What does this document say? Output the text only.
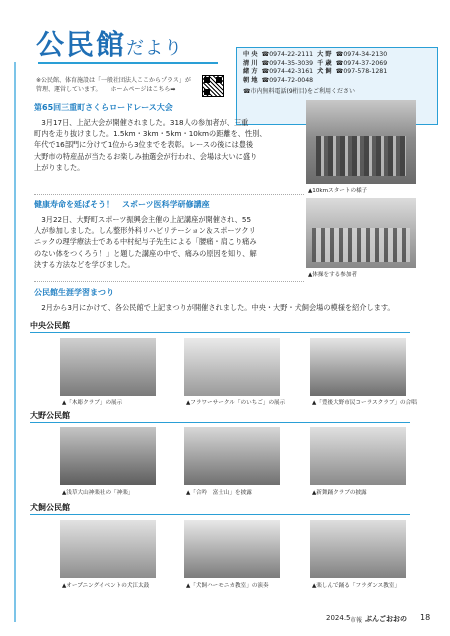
公民館だより
※公民館、体育施設は「一般社団法人ここからプラス」が
管理、運営しています。　　ホームページはこちら➡
中 央	☎0974-22-2111	大 野	☎0974-34-2130
清 川	☎0974-35-3039	千 歳	☎0974-37-2069
緒 方	☎0974-42-3161	犬 飼	☎097-578-1281
朝 地	☎0974-72-0048		
☎市内無料電話(9桁目)をご利用ください
第65回三重町さくらロードレース大会
　3月17日、上記大会が開催されました。318人の参加者が、三重
町内を走り抜けました。1.5km・3km・5km・10kmの距離を、性別、
年代で16部門に分けて1位から3位までを表彰。レースの後には豊後
大野市の特産品が当たるお楽しみ抽選会が行われ、会場は大いに盛り
上がりました。
▲10kmスタートの様子
健康寿命を延ばそう！　スポーツ医科学研修講座
　3月22日、大野町スポーツ振興会主催の上記講座が開催され、55
人が参加しました。しん整形外科リハビリテーション＆スポーツクリ
ニックの理学療法士である中村紀与子先生による「腰痛・肩こり痛み
のない体をつくろう！」と題した講座の中で、痛みの原因を知り、解
決する方法などを学びました。
▲体操をする参加者
公民館生涯学習まつり
　2月から3月にかけて、各公民館で上記まつりが開催されました。中央・大野・犬飼会場の模様を紹介します。
中央公民館
▲「木彫クラブ」の展示	▲フラワーサークル「のいちご」の展示	▲「豊後大野市民コーラスクラブ」の合唱
大野公民館
▲浅草大山神楽社の「神楽」	▲「合吟　富士山」を披露	▲新舞踊クラブの披露
犬飼公民館
▲オープニングイベントの犬江太鼓	▲「犬飼ハーモニカ教室」の演奏	▲楽しんで踊る「フラダンス教室」
2024.5 市報 ぶんごおおの 18
